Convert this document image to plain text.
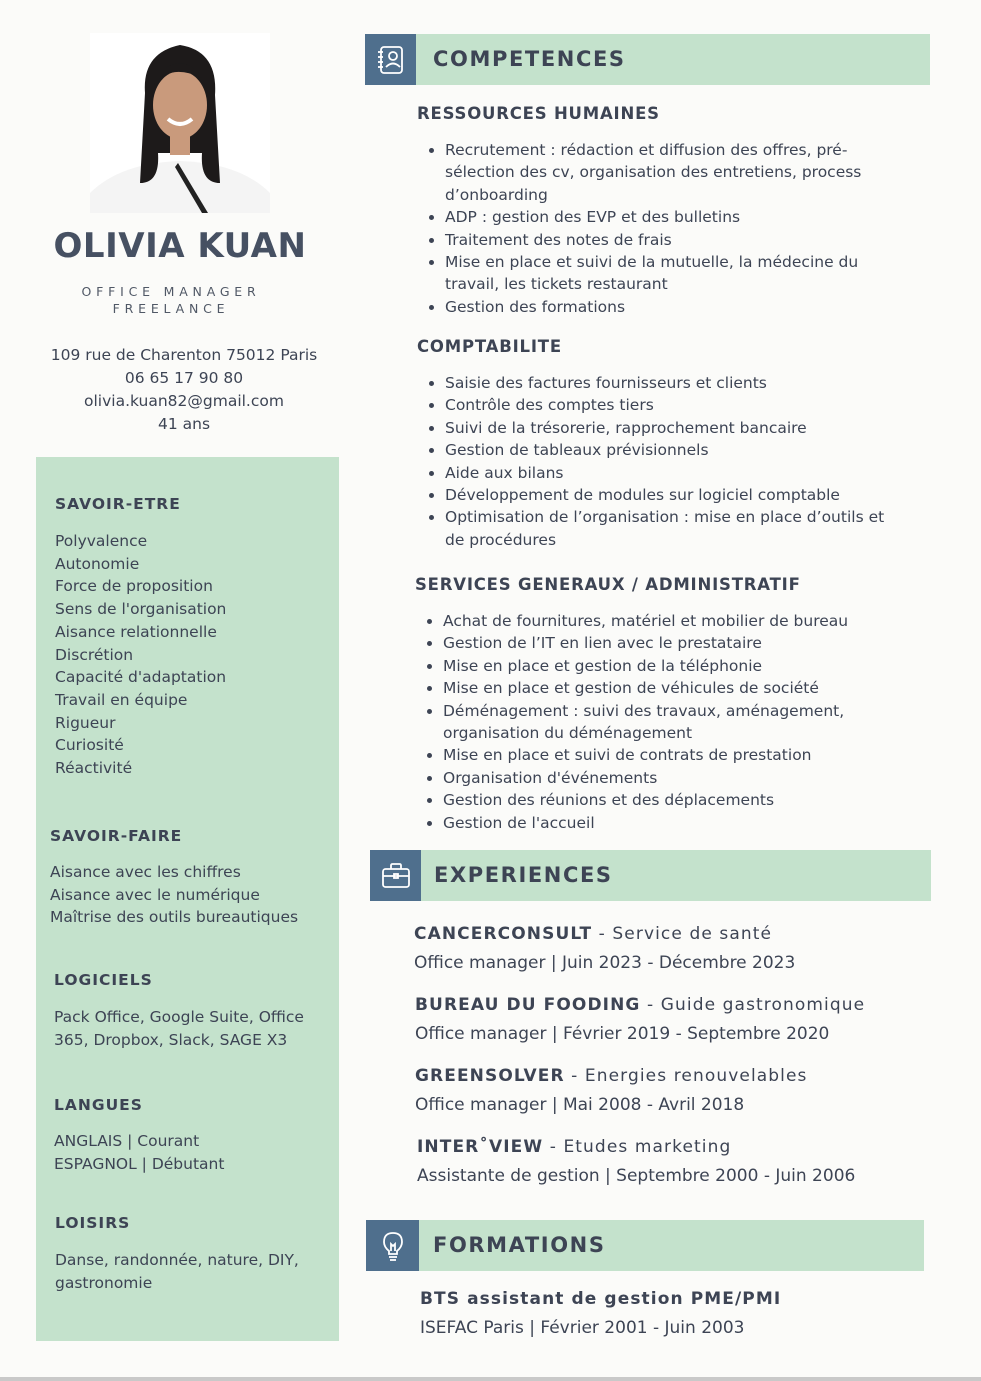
OLIVIA KUAN
OFFICE MANAGER
FREELANCE
109 rue de Charenton 75012 Paris
06 65 17 90 80
olivia.kuan82@gmail.com
41 ans
SAVOIR-ETRE
Polyvalence
Autonomie
Force de proposition
Sens de l'organisation
Aisance relationnelle
Discrétion
Capacité d'adaptation
Travail en équipe
Rigueur
Curiosité
Réactivité
SAVOIR-FAIRE
Aisance avec les chiffres
Aisance avec le numérique
Maîtrise des outils bureautiques
LOGICIELS
Pack Office, Google Suite, Office
365, Dropbox, Slack, SAGE X3
LANGUES
ANGLAIS | Courant
ESPAGNOL | Débutant
LOISIRS
Danse, randonnée, nature, DIY,
gastronomie
COMPETENCES
RESSOURCES HUMAINES
Recrutement : rédaction et diffusion des offres, pré-
sélection des cv, organisation des entretiens, process
d’onboarding
ADP : gestion des EVP et des bulletins
Traitement des notes de frais
Mise en place et suivi de la mutuelle, la médecine du
travail, les tickets restaurant
Gestion des formations
COMPTABILITE
Saisie des factures fournisseurs et clients
Contrôle des comptes tiers
Suivi de la trésorerie, rapprochement bancaire
Gestion de tableaux prévisionnels
Aide aux bilans
Développement de modules sur logiciel comptable
Optimisation de l’organisation : mise en place d’outils et
de procédures
SERVICES GENERAUX / ADMINISTRATIF
Achat de fournitures, matériel et mobilier de bureau
Gestion de l’IT en lien avec le prestataire
Mise en place et gestion de la téléphonie
Mise en place et gestion de véhicules de société
Déménagement : suivi des travaux, aménagement,
organisation du déménagement
Mise en place et suivi de contrats de prestation
Organisation d'événements
Gestion des réunions et des déplacements
Gestion de l'accueil
EXPERIENCES
CANCERCONSULT - Service de santé
Office manager | Juin 2023 - Décembre 2023
BUREAU DU FOODING - Guide gastronomique
Office manager | Février 2019 - Septembre 2020
GREENSOLVER - Energies renouvelables
Office manager | Mai 2008 - Avril 2018
INTER˚VIEW - Etudes marketing
Assistante de gestion | Septembre 2000 - Juin 2006
FORMATIONS
BTS assistant de gestion PME/PMI
ISEFAC Paris | Février 2001 - Juin 2003
